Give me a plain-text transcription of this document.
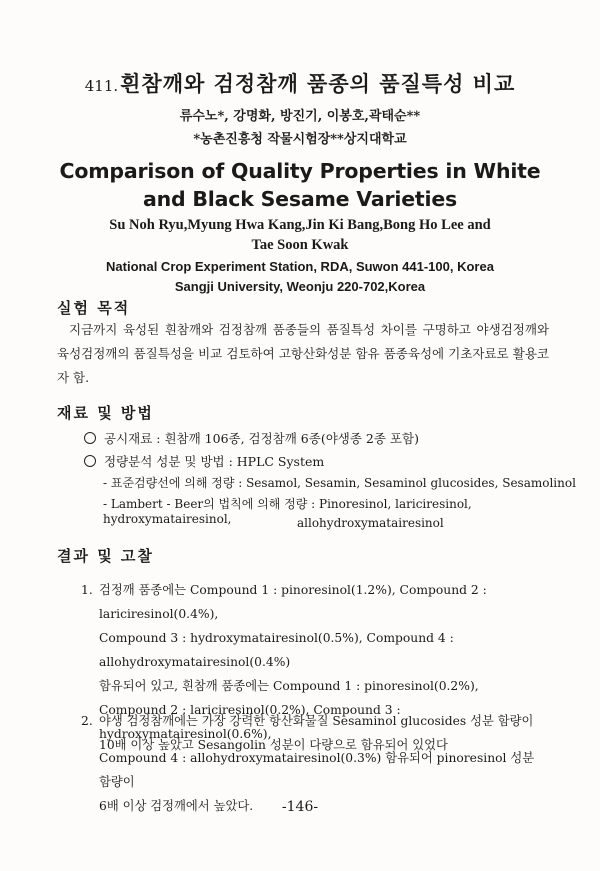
411.흰참깨와 검정참깨 품종의 품질특성 비교
류수노*, 강명화, 방진기, 이봉호,곽태순**
*농촌진흥청 작물시험장**상지대학교
Comparison of Quality Properties in White
and Black Sesame Varieties
Su Noh Ryu,Myung Hwa Kang,Jin Ki Bang,Bong Ho Lee and
Tae Soon Kwak
National Crop Experiment Station, RDA, Suwon 441-100, Korea
Sangji University, Weonju 220-702,Korea
실험 목적
지금까지 육성된 흰참깨와 검정참깨 품종들의 품질특성 차이를 구명하고 야생검정깨와 육성검정깨의 품질특성을 비교 검토하여 고항산화성분 함유 품종육성에 기초자료로 활용코자 함.
재료 및 방법
공시재료 : 흰참깨 106종, 검정참깨 6종(야생종 2종 포함)
정량분석 성분 및 방법 : HPLC System
- 표준검량선에 의해 정량 : Sesamol, Sesamin, Sesaminol glucosides, Sesamolinol
- Lambert - Beer의 법칙에 의해 정량 : Pinoresinol, lariciresinol, hydroxymatairesinol,	allohydroxymatairesinol
결과 및 고찰
1. 검정깨 품종에는 Compound 1 : pinoresinol(1.2%), Compound 2 : lariciresinol(0.4%),
Compound 3 : hydroxymatairesinol(0.5%), Compound 4 : allohydroxymatairesinol(0.4%)
함유되어 있고, 흰참깨 품종에는 Compound 1 : pinoresinol(0.2%),
Compound 2 : lariciresinol(0.2%), Compound 3 : hydroxymatairesinol(0.6%),
Compound 4 : allohydroxymatairesinol(0.3%) 함유되어 pinoresinol 성분 함량이
6배 이상 검정깨에서 높았다.
2. 야생 검정참깨에는 가장 강력한 항산화물질 Sesaminol glucosides 성분 함량이
10배 이상 높았고 Sesangolin 성분이 다량으로 함유되어 있었다
-146-
